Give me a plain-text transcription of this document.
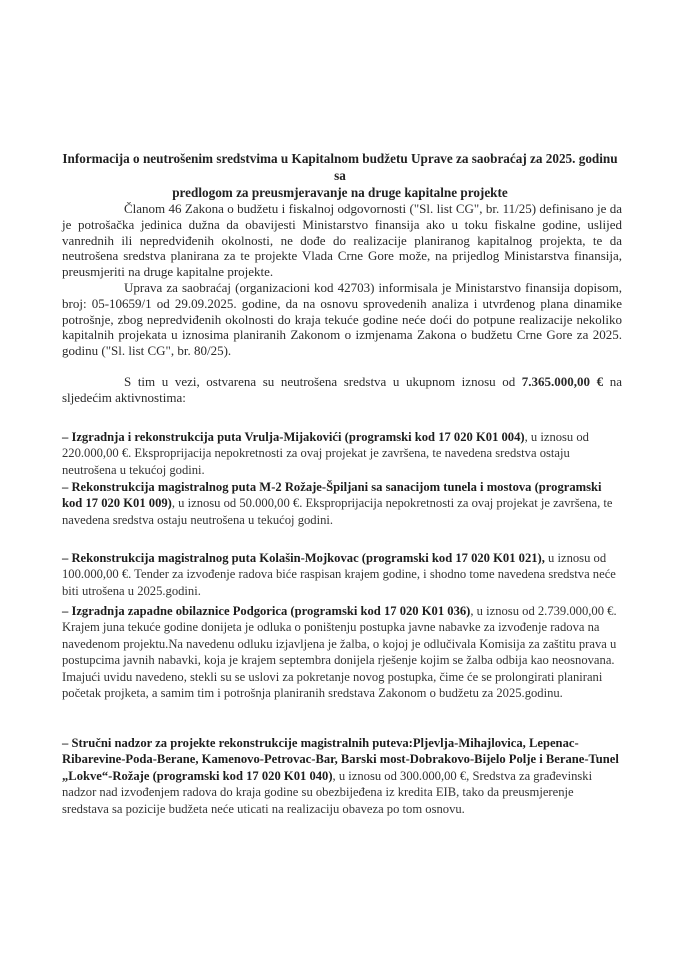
Informacija o neutrošenim sredstvima u Kapitalnom budžetu Uprave za saobraćaj za 2025. godinu sa
predlogom za preusmjeravanje na druge kapitalne projekte
Članom 46 Zakona o budžetu i fiskalnoj odgovornosti ("Sl. list CG", br. 11/25) definisano je da je potrošačka jedinica dužna da obavijesti Ministarstvo finansija ako u toku fiskalne godine, uslijed vanrednih ili nepredviđenih okolnosti, ne dođe do realizacije planiranog kapitalnog projekta, te da neutrošena sredstva planirana za te projekte Vlada Crne Gore može, na prijedlog Ministarstva finansija, preusmjeriti na druge kapitalne projekte.
Uprava za saobraćaj (organizacioni kod 42703) informisala je Ministarstvo finansija dopisom, broj: 05-10659/1 od 29.09.2025. godine, da na osnovu sprovedenih analiza i utvrđenog plana dinamike potrošnje, zbog nepredviđenih okolnosti do kraja tekuće godine neće doći do potpune realizacije nekoliko kapitalnih projekata u iznosima planiranih Zakonom o izmjenama Zakona o budžetu Crne Gore za 2025. godinu ("Sl. list CG", br. 80/25).
S tim u vezi, ostvarena su neutrošena sredstva u ukupnom iznosu od 7.365.000,00 € na sljedećim aktivnostima:
– Izgradnja i rekonstrukcija puta Vrulja-Mijakovići (programski kod 17 020 K01 004), u iznosu od 220.000,00 €. Eksproprijacija nepokretnosti za ovaj projekat je završena, te navedena sredstva ostaju neutrošena u tekućoj godini.
– Rekonstrukcija magistralnog puta M-2 Rožaje-Špiljani sa sanacijom tunela i mostova (programski kod 17 020 K01 009), u iznosu od 50.000,00 €. Eksproprijacija nepokretnosti za ovaj projekat je završena, te navedena sredstva ostaju neutrošena u tekućoj godini.
– Rekonstrukcija magistralnog puta Kolašin-Mojkovac (programski kod 17 020 K01 021), u iznosu od 100.000,00 €. Tender za izvođenje radova biće raspisan krajem godine, i shodno tome navedena sredstva neće biti utrošena u 2025.godini.
– Izgradnja zapadne obilaznice Podgorica (programski kod 17 020 K01 036), u iznosu od 2.739.000,00 €. Krajem juna tekuće godine donijeta je odluka o poništenju postupka javne nabavke za izvođenje radova na navedenom projektu.Na navedenu odluku izjavljena je žalba, o kojoj je odlučivala Komisija za zaštitu prava u postupcima javnih nabavki, koja je krajem septembra donijela rješenje kojim se žalba odbija kao neosnovana. Imajući uvidu navedeno, stekli su se uslovi za pokretanje novog postupka, čime će se prolongirati planirani početak projketa, a samim tim i potrošnja planiranih sredstava Zakonom o budžetu za 2025.godinu.
– Stručni nadzor za projekte rekonstrukcije magistralnih puteva:Pljevlja-Mihajlovica, Lepenac-Ribarevine-Poda-Berane, Kamenovo-Petrovac-Bar, Barski most-Dobrakovo-Bijelo Polje i Berane-Tunel „Lokve“-Rožaje (programski kod 17 020 K01 040), u iznosu od 300.000,00 €, Sredstva za građevinski nadzor nad izvođenjem radova do kraja godine su obezbijeđena iz kredita EIB, tako da preusmjerenje sredstava sa pozicije budžeta neće uticati na realizaciju obaveza po tom osnovu.
